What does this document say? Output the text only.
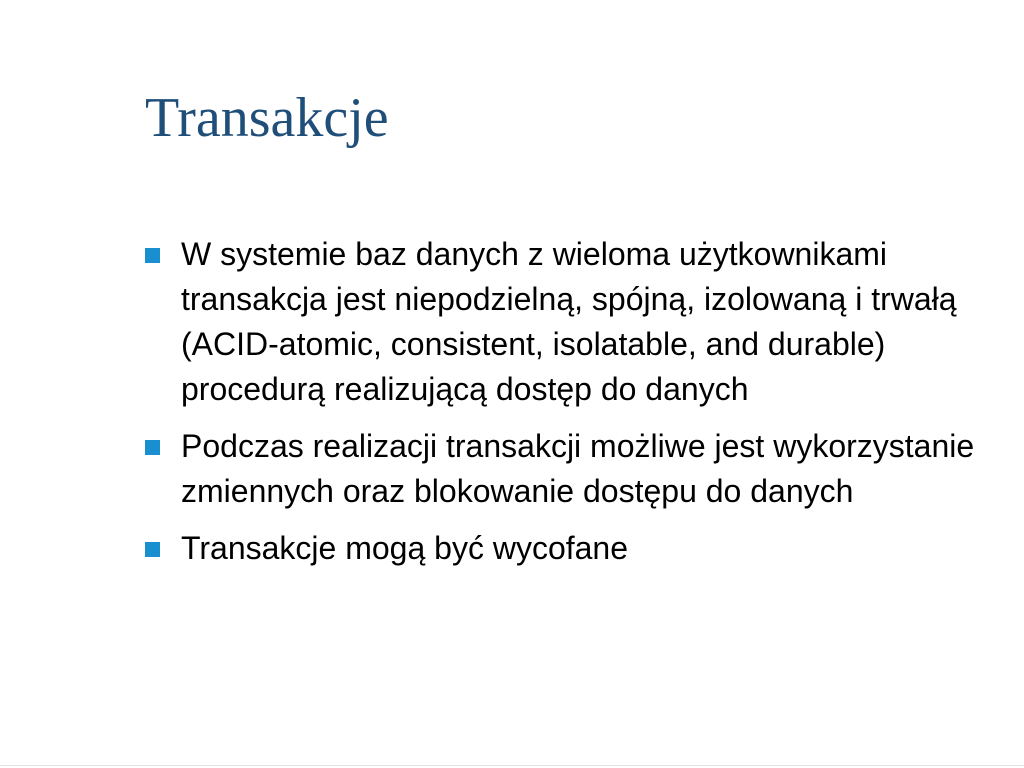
Transakcje
W systemie baz danych z wieloma użytkownikami transakcja jest niepodzielną, spójną, izolowaną i trwałą (ACID-atomic, consistent, isolatable, and durable) procedurą realizującą dostęp do danych
Podczas realizacji transakcji możliwe jest wykorzystanie zmiennych oraz blokowanie dostępu do danych
Transakcje mogą być wycofane
